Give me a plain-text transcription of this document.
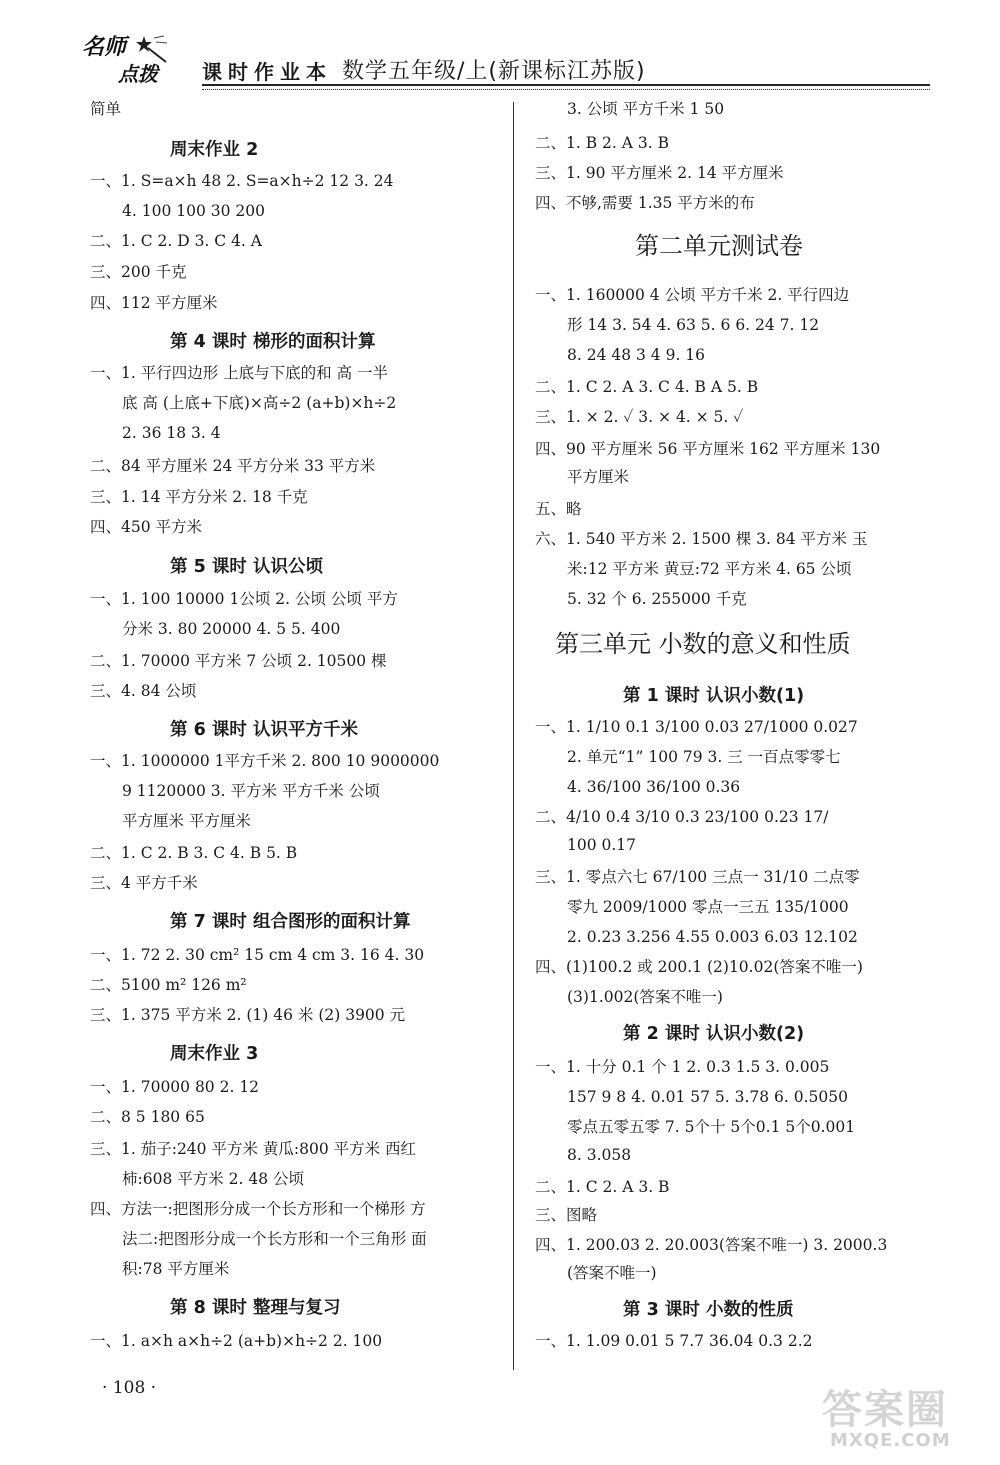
名师
点拨 课时作业本 数学五年级/上(新课标江苏版)
简单
周末作业 2
一、1. S=a×h 48 2. S=a×h÷2 12 3. 24
4. 100 100 30 200
二、1. C 2. D 3. C 4. A
三、200 千克
四、112 平方厘米
第 4 课时 梯形的面积计算
一、1. 平行四边形 上底与下底的和 高 一半
底 高 (上底+下底)×高÷2 (a+b)×h÷2
2. 36 18 3. 4
二、84 平方厘米 24 平方分米 33 平方米
三、1. 14 平方分米 2. 18 千克
四、450 平方米
第 5 课时 认识公顷
一、1. 100 10000 1公顷 2. 公顷 公顷 平方
分米 3. 80 20000 4. 5 5. 400
二、1. 70000 平方米 7 公顷 2. 10500 棵
三、4. 84 公顷
第 6 课时 认识平方千米
一、1. 1000000 1平方千米 2. 800 10 9000000
9 1120000 3. 平方米 平方千米 公顷
平方厘米 平方厘米
二、1. C 2. B 3. C 4. B 5. B
三、4 平方千米
第 7 课时 组合图形的面积计算
一、1. 72 2. 30 cm² 15 cm 4 cm 3. 16 4. 30
二、5100 m² 126 m²
三、1. 375 平方米 2. (1) 46 米 (2) 3900 元
周末作业 3
一、1. 70000 80 2. 12
二、8 5 180 65
三、1. 茄子:240 平方米 黄瓜:800 平方米 西红
柿:608 平方米 2. 48 公顷
四、方法一:把图形分成一个长方形和一个梯形 方
法二:把图形分成一个长方形和一个三角形 面
积:78 平方厘米
第 8 课时 整理与复习
一、1. a×h a×h÷2 (a+b)×h÷2 2. 100
3. 公顷 平方千米 1 50
二、1. B 2. A 3. B
三、1. 90 平方厘米 2. 14 平方厘米
四、不够,需要 1.35 平方米的布
第二单元测试卷
一、1. 160000 4 公顷 平方千米 2. 平行四边
形 14 3. 54 4. 63 5. 6 6. 24 7. 12
8. 24 48 3 4 9. 16
二、1. C 2. A 3. C 4. B A 5. B
三、1. × 2. ✓ 3. × 4. × 5. ✓
四、90 平方厘米 56 平方厘米 162 平方厘米 130
平方厘米
五、略
六、1. 540 平方米 2. 1500 棵 3. 84 平方米 玉
米:12 平方米 黄豆:72 平方米 4. 65 公顷
5. 32 个 6. 255000 千克
第三单元 小数的意义和性质
第 1 课时 认识小数(1)
一、1. 1/10 0.1 3/100 0.03 27/1000 0.027
2. 单元“1” 100 79 3. 三 一百点零零七
4. 36/100 36/100 0.36
二、4/10 0.4 3/10 0.3 23/100 0.23 17/
100 0.17
三、1. 零点六七 67/100 三点一 31/10 二点零
零九 2009/1000 零点一三五 135/1000
2. 0.23 3.256 4.55 0.003 6.03 12.102
四、(1)100.2 或 200.1 (2)10.02(答案不唯一)
(3)1.002(答案不唯一)
第 2 课时 认识小数(2)
一、1. 十分 0.1 个 1 2. 0.3 1.5 3. 0.005
157 9 8 4. 0.01 57 5. 3.78 6. 0.5050
零点五零五零 7. 5个十 5个0.1 5个0.001
8. 3.058
二、1. C 2. A 3. B
三、图略
四、1. 200.03 2. 20.003(答案不唯一) 3. 2000.3
(答案不唯一)
第 3 课时 小数的性质
一、1. 1.09 0.01 5 7.7 36.04 0.3 2.2
· 108 ·	答案圈
MXQE.COM
